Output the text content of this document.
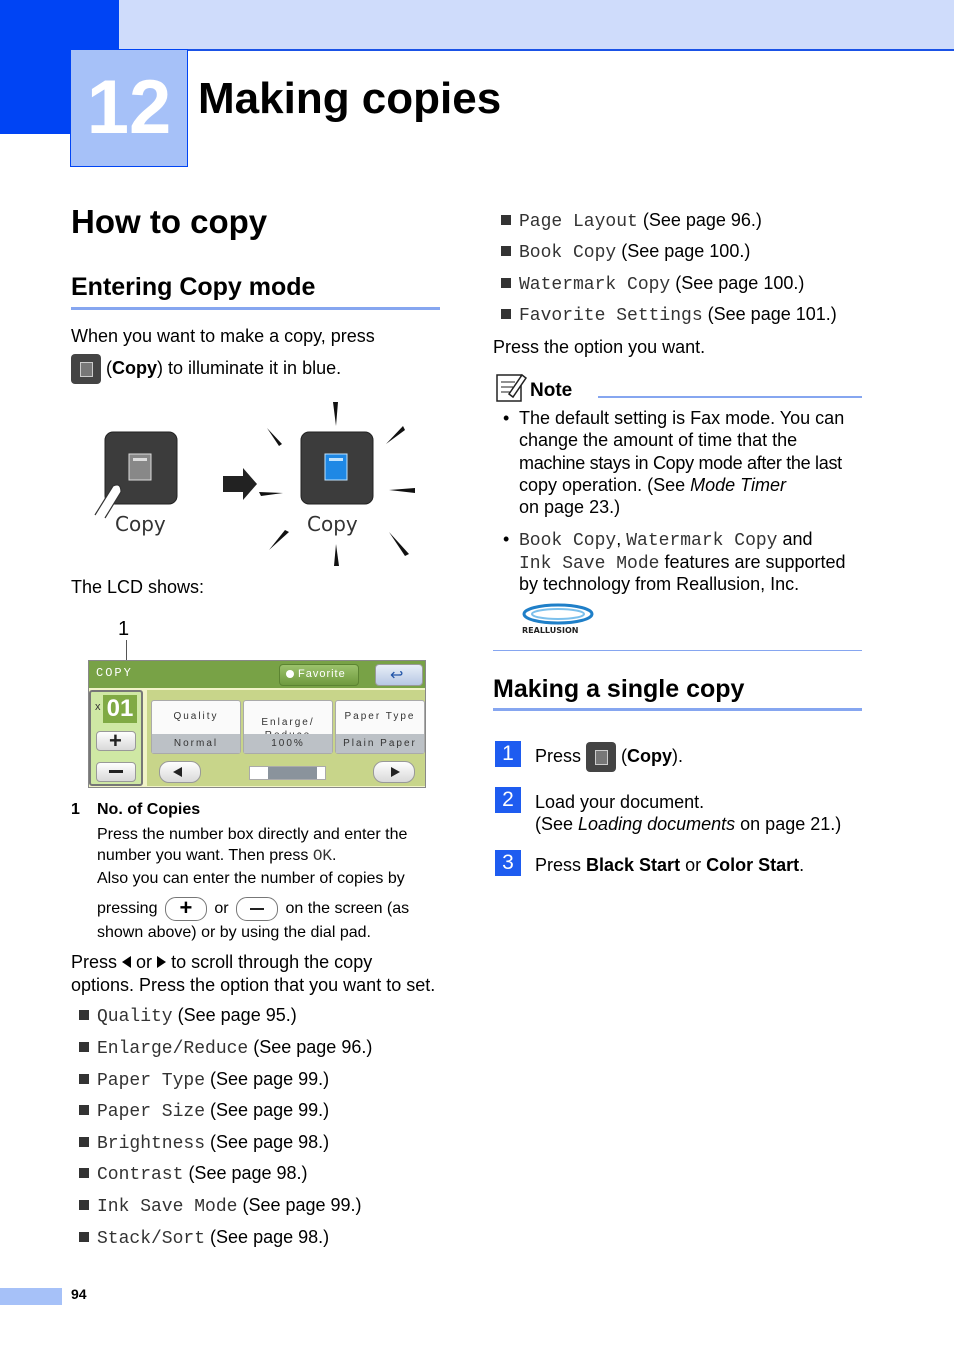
12 Making copies
How to copy
Entering Copy mode
When you want to make a copy, press
(Copy) to illuminate it in blue.
Copy	Copy
The LCD shows:
1
COPY	Favorite	↩
x 01
+
Quality
Normal

Enlarge/

100%

Paper Type
Plain Paper
1 No. of Copies
Press the number box directly and enter the
number you want. Then press OK.
Also you can enter the number of copies by
pressing + or	on the screen (as
shown above) or by using the dial pad.
Press or to scroll through the copy
options. Press the option that you want to set.
Quality (See page 95.)
Enlarge/Reduce (See page 96.)
Paper Type (See page 99.)
Paper Size (See page 99.)
Brightness (See page 98.)
Contrast (See page 98.)
Ink Save Mode (See page 99.)
Stack/Sort (See page 98.)
94
Page Layout (See page 96.)
Book Copy (See page 100.)
Watermark Copy (See page 100.)
Favorite Settings (See page 101.)
Press the option you want.
Note
• The default setting is Fax mode. You can
change the amount of time that the
machine stays in Copy mode after the last
copy operation. (See Mode Timer
on page 23.)
• Book Copy, Watermark Copy and
Ink Save Mode features are supported
by technology from Reallusion, Inc.
REALLUSION
Making a single copy
1	Press (Copy).
2	Load your document.
(See Loading documents on page 21.)
3	Press Black Start or Color Start.
